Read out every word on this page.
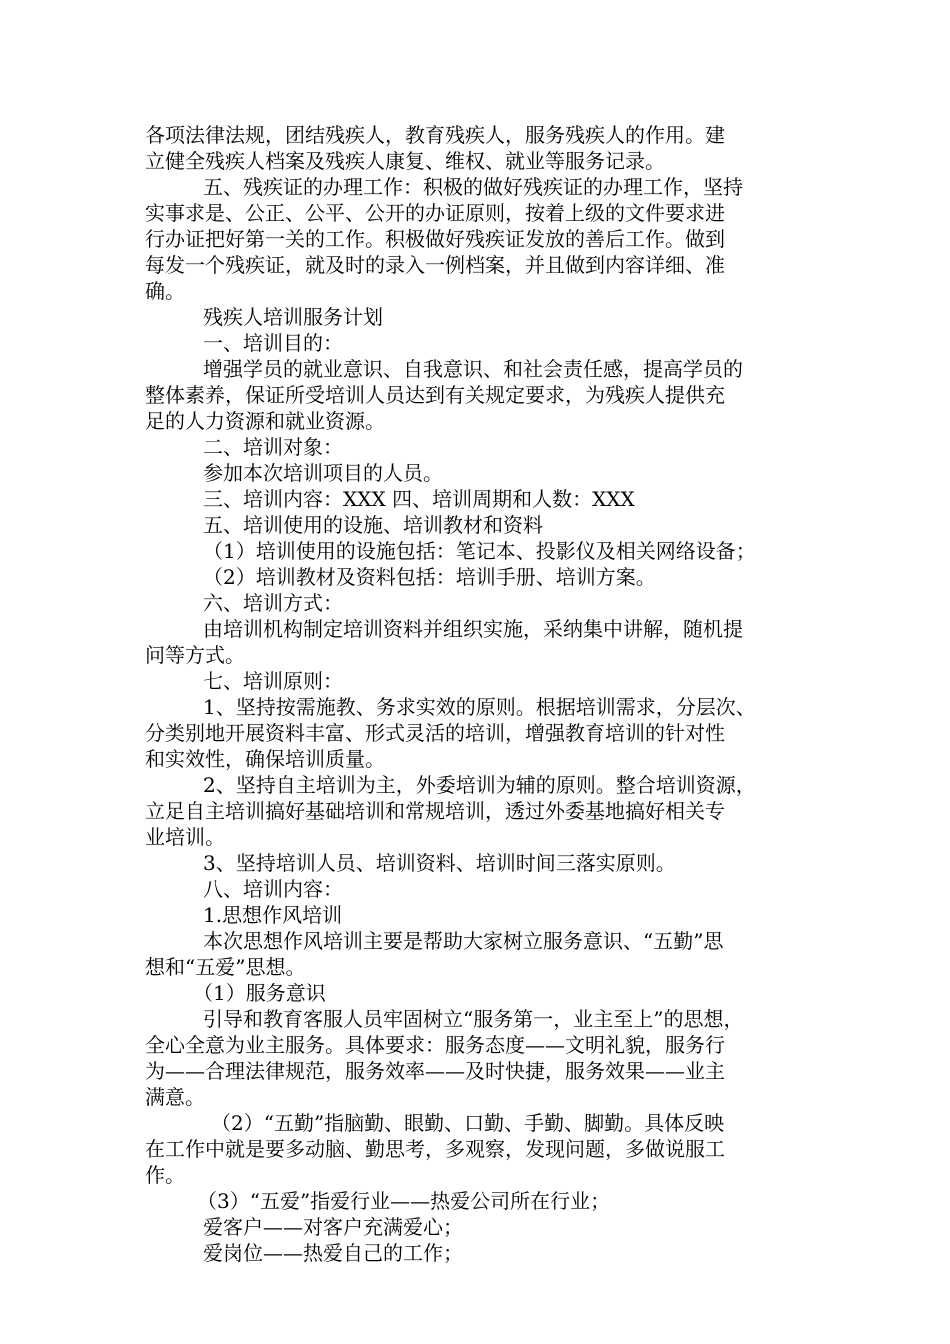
各项法律法规，团结残疾人，教育残疾人，服务残疾人的作用。建
立健全残疾人档案及残疾人康复、维权、就业等服务记录。
五、残疾证的办理工作：积极的做好残疾证的办理工作，坚持
实事求是、公正、公平、公开的办证原则，按着上级的文件要求进
行办证把好第一关的工作。积极做好残疾证发放的善后工作。做到
每发一个残疾证，就及时的录入一例档案，并且做到内容详细、准
确。
残疾人培训服务计划
一、培训目的：
增强学员的就业意识、自我意识、和社会责任感，提高学员的
整体素养，保证所受培训人员达到有关规定要求，为残疾人提供充
足的人力资源和就业资源。
二、培训对象：
参加本次培训项目的人员。
三、培训内容：XXX 四、培训周期和人数：XXX
五、培训使用的设施、培训教材和资料
（1）培训使用的设施包括：笔记本、投影仪及相关网络设备；
（2）培训教材及资料包括：培训手册、培训方案。
六、培训方式：
由培训机构制定培训资料并组织实施，采纳集中讲解，随机提
问等方式。
七、培训原则：
1、坚持按需施教、务求实效的原则。根据培训需求，分层次、
分类别地开展资料丰富、形式灵活的培训，增强教育培训的针对性
和实效性，确保培训质量。
2、坚持自主培训为主，外委培训为辅的原则。整合培训资源，
立足自主培训搞好基础培训和常规培训，透过外委基地搞好相关专
业培训。
3、坚持培训人员、培训资料、培训时间三落实原则。
八、培训内容：
1.思想作风培训
本次思想作风培训主要是帮助大家树立服务意识、“五勤”思
想和“五爱”思想。
（1）服务意识
引导和教育客服人员牢固树立“服务第一，业主至上”的思想，
全心全意为业主服务。具体要求：服务态度——文明礼貌，服务行
为——合理法律规范，服务效率——及时快捷，服务效果——业主
满意。
（2）“五勤”指脑勤、眼勤、口勤、手勤、脚勤。具体反映
在工作中就是要多动脑、勤思考，多观察，发现问题，多做说服工
作。
（3）“五爱”指爱行业——热爱公司所在行业；
爱客户——对客户充满爱心；
爱岗位——热爱自己的工作；
